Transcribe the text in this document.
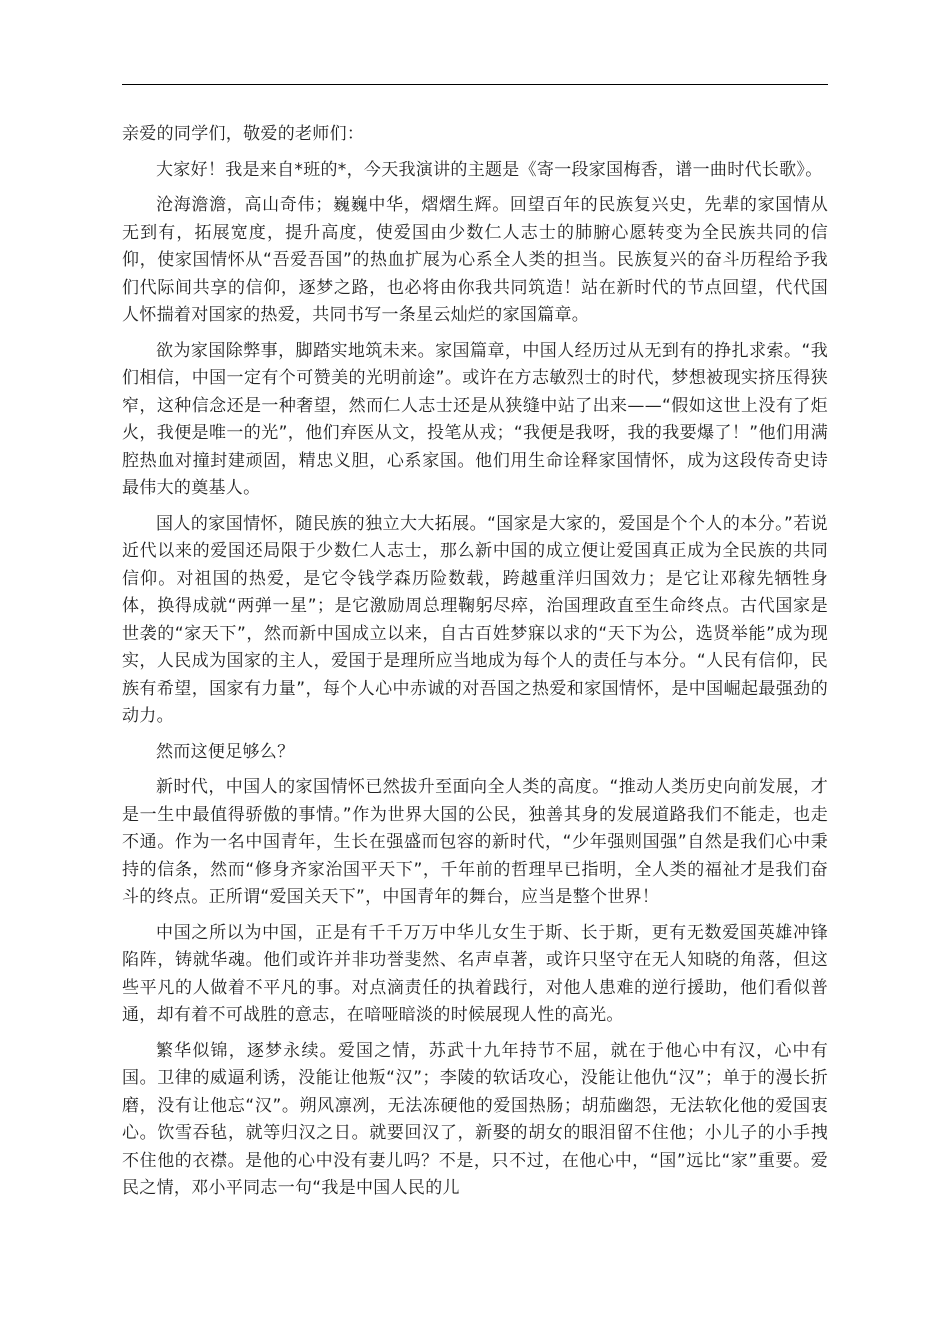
亲爱的同学们，敬爱的老师们：

大家好！我是来自*班的*，今天我演讲的主题是《寄一段家国梅香，谱一曲时代长歌》。

沧海澹澹，高山奇伟；巍巍中华，熠熠生辉。回望百年的民族复兴史，先辈的家国情从无到有，拓展宽度，提升高度，使爱国由少数仁人志士的肺腑心愿转变为全民族共同的信仰，使家国情怀从“吾爱吾国”的热血扩展为心系全人类的担当。民族复兴的奋斗历程给予我们代际间共享的信仰，逐梦之路，也必将由你我共同筑造！站在新时代的节点回望，代代国人怀揣着对国家的热爱，共同书写一条星云灿烂的家国篇章。

欲为家国除弊事，脚踏实地筑未来。家国篇章，中国人经历过从无到有的挣扎求索。“我们相信，中国一定有个可赞美的光明前途”。或许在方志敏烈士的时代，梦想被现实挤压得狭窄，这种信念还是一种奢望，然而仁人志士还是从狭缝中站了出来——“假如这世上没有了炬火，我便是唯一的光”，他们弃医从文，投笔从戎；“我便是我呀，我的我要爆了！”他们用满腔热血对撞封建顽固，精忠义胆，心系家国。他们用生命诠释家国情怀，成为这段传奇史诗最伟大的奠基人。

国人的家国情怀，随民族的独立大大拓展。“国家是大家的，爱国是个个人的本分。”若说近代以来的爱国还局限于少数仁人志士，那么新中国的成立便让爱国真正成为全民族的共同信仰。对祖国的热爱，是它令钱学森历险数载，跨越重洋归国效力；是它让邓稼先牺牲身体，换得成就“两弹一星”；是它激励周总理鞠躬尽瘁，治国理政直至生命终点。古代国家是世袭的“家天下”，然而新中国成立以来，自古百姓梦寐以求的“天下为公，选贤举能”成为现实，人民成为国家的主人，爱国于是理所应当地成为每个人的责任与本分。“人民有信仰，民族有希望，国家有力量”，每个人心中赤诚的对吾国之热爱和家国情怀，是中国崛起最强劲的动力。

然而这便足够么？

新时代，中国人的家国情怀已然拔升至面向全人类的高度。“推动人类历史向前发展，才是一生中最值得骄傲的事情。”作为世界大国的公民，独善其身的发展道路我们不能走，也走不通。作为一名中国青年，生长在强盛而包容的新时代，“少年强则国强”自然是我们心中秉持的信条，然而“修身齐家治国平天下”，千年前的哲理早已指明，全人类的福祉才是我们奋斗的终点。正所谓“爱国关天下”，中国青年的舞台，应当是整个世界！

中国之所以为中国，正是有千千万万中华儿女生于斯、长于斯，更有无数爱国英雄冲锋陷阵，铸就华魂。他们或许并非功誉斐然、名声卓著，或许只坚守在无人知晓的角落，但这些平凡的人做着不平凡的事。对点滴责任的执着践行，对他人患难的逆行援助，他们看似普通，却有着不可战胜的意志，在喑哑暗淡的时候展现人性的高光。

繁华似锦，逐梦永续。爱国之情，苏武十九年持节不屈，就在于他心中有汉，心中有国。卫律的威逼利诱，没能让他叛“汉”；李陵的软话攻心，没能让他仇“汉”；单于的漫长折磨，没有让他忘“汉”。朔风凛冽，无法冻硬他的爱国热肠；胡茄幽怨，无法软化他的爱国衷心。饮雪吞毡，就等归汉之日。就要回汉了，新娶的胡女的眼泪留不住他；小儿子的小手拽不住他的衣襟。是他的心中没有妻儿吗？不是，只不过，在他心中，“国”远比“家”重要。爱民之情，邓小平同志一句“我是中国人民的儿
